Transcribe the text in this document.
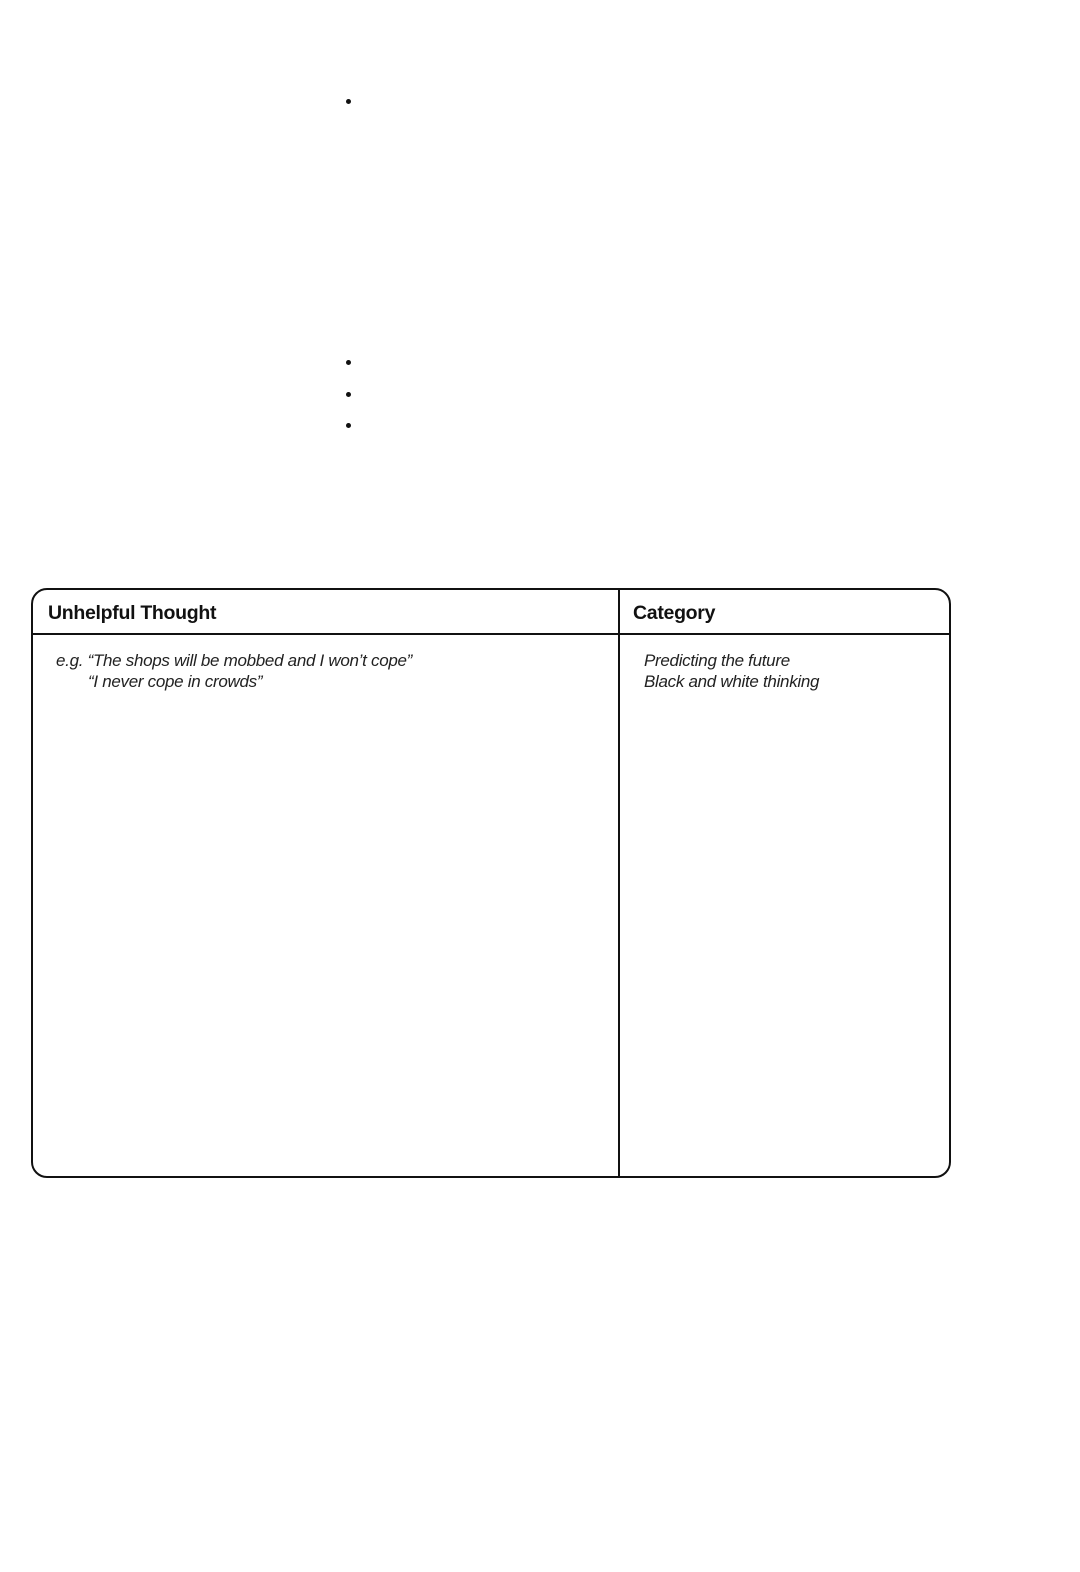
Unhelpful Thought	Category
e.g. “The shops will be mobbed and I won’t cope”
“I never cope in crowds”
Predicting the future
Black and white thinking
